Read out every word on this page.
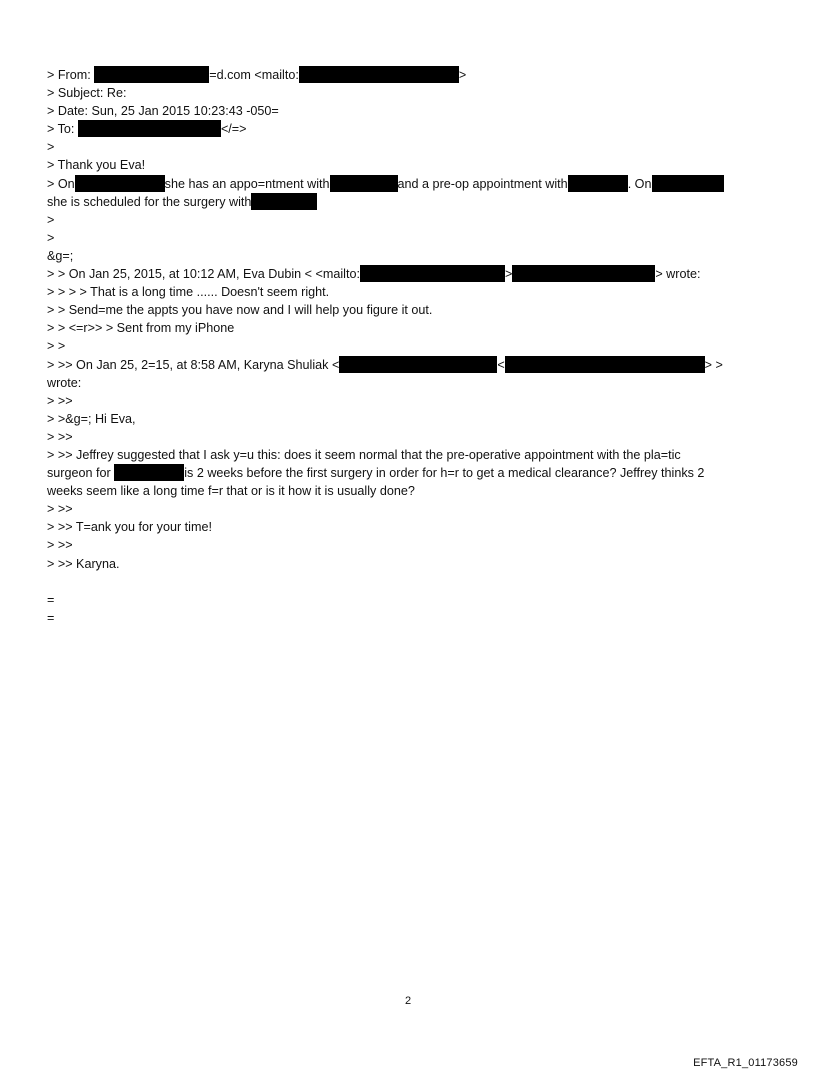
> From:	=d.com <mailto:	>
> Subject: Re:
> Date: Sun, 25 Jan 2015 10:23:43 -050=
> To:	</=>
>
> Thank you Eva!
> On	she has an appo=ntment with	and a pre-op appointment with	. On
she is scheduled for the surgery with
>
>
&g=;
> > On Jan 25, 2015, at 10:12 AM, Eva Dubin < <mailto:	>	> wrote:
> > > > That is a long time ...... Doesn't seem right.
> > Send=me the appts you have now and I will help you figure it out.
> > <=r>> > Sent from my iPhone
> >
> >> On Jan 25, 2=15, at 8:58 AM, Karyna Shuliak <	<	> >
wrote:
> >>
> >&g=; Hi Eva,
> >>
> >> Jeffrey suggested that I ask y=u this: does it seem normal that the pre-operative appointment with the pla=tic
surgeon for	is 2 weeks before the first surgery in order for h=r to get a medical clearance? Jeffrey thinks 2
weeks seem like a long time f=r that or is it how it is usually done?
> >>
> >> T=ank you for your time!
> >>
> >> Karyna.
=
=
2
EFTA_R1_01173659
